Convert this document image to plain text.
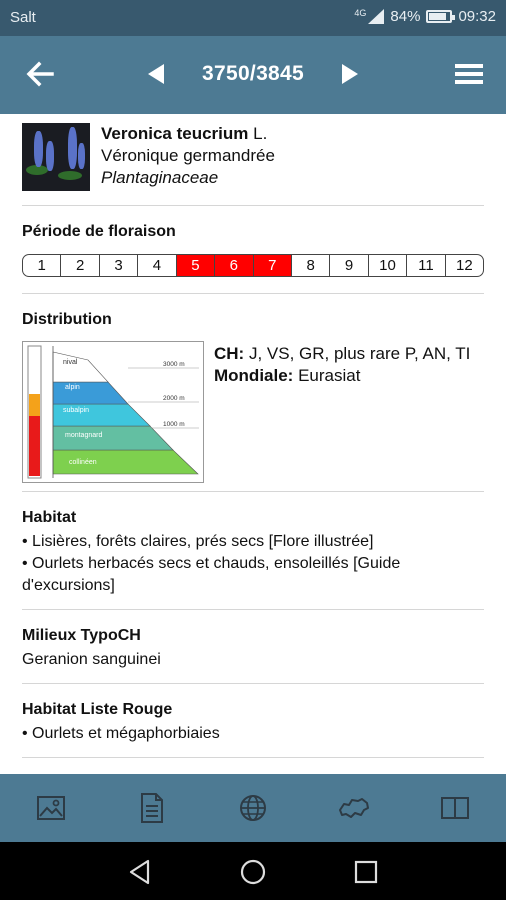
Salt	4G 84%	09:32
3750/3845
Veronica teucrium L.
Véronique germandrée
Plantaginaceae
Période de floraison
1	2	3	4	5	6	7	8	9	10	11	12
Distribution
3000 m
2000 m
1000 m
nival
alpin
subalpin
montagnard
collinéen
CH: J, VS, GR, plus rare P, AN, TI
Mondiale: Eurasiat
Habitat
• Lisières, forêts claires, prés secs [Flore illustrée]
• Ourlets herbacés secs et chauds, ensoleillés [Guide d'excursions]
Milieux TypoCH
Geranion sanguinei
Habitat Liste Rouge
• Ourlets et mégaphorbiaies
